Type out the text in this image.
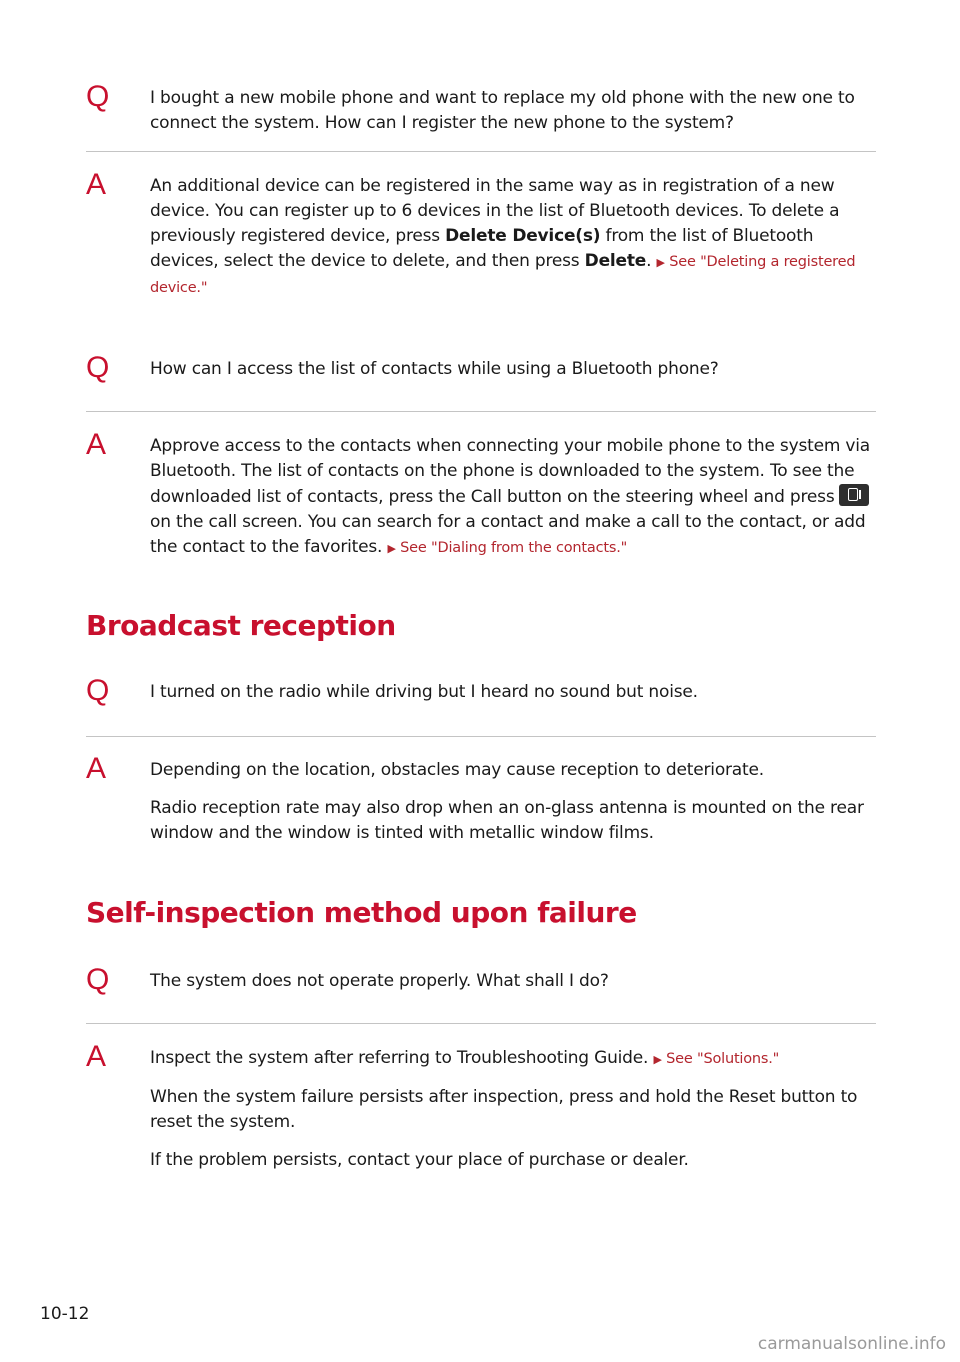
Q I bought a new mobile phone and want to replace my old phone with the new one to connect the system. How can I register the new phone to the system?

A	An additional device can be registered in the same way as in registration of a new device. You can register up to 6 devices in the list of Bluetooth devices. To delete a previously registered device, press Delete Device(s) from the list of Bluetooth devices, select the device to delete, and then press Delete. ▶ See "Deleting a registered device."

Q How can I access the list of contacts while using a Bluetooth phone?

A	Approve access to the contacts when connecting your mobile phone to the system via Bluetooth. The list of contacts on the phone is downloaded to the system. To see the downloaded list of contacts, press the Call button on the steering wheel and press
on the call screen. You can search for a contact and make a call to the contact, or add the contact to the favorites. ▶ See "Dialing from the contacts."

Broadcast reception
Q I turned on the radio while driving but I heard no sound but noise.

A	Depending on the location, obstacles may cause reception to deteriorate.

Radio reception rate may also drop when an on-glass antenna is mounted on the rear window and the window is tinted with metallic window films.

Self-inspection method upon failure
Q The system does not operate properly. What shall I do?

A	Inspect the system after referring to Troubleshooting Guide. ▶ See "Solutions."

When the system failure persists after inspection, press and hold the Reset button to reset the system.

If the problem persists, contact your place of purchase or dealer.

10-12
carmanualsonline.info
